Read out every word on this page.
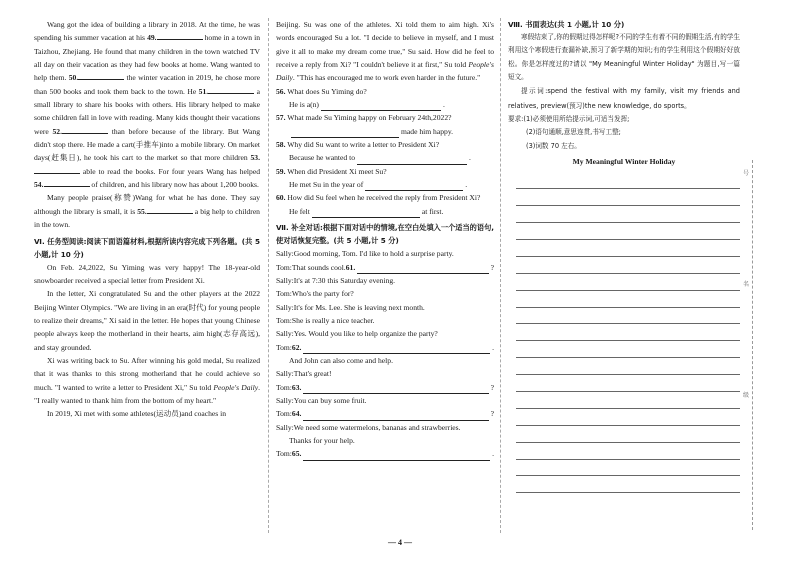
Wang got the idea of building a library in 2018. At the time, he was spending his summer vacation at his 49.	home in a town in Taizhou, Zhejiang. He found that many children in the town watched TV all day on their vacation as they had few books at home. Wang wanted to help them. 50.	the winter vacation in 2019, he chose more than 500 books and took them back to the town. He 51.	a small library to share his books with others. His library helped to make some children fall in love with reading. Many kids thought their vacations were 52.	than before because of the library. But Wang didn't stop there. He made a cart(手推车)into a mobile library. On market days(赶集日), he took his cart to the market so that more children 53. able to read the books. For four years Wang has helped 54.	of children, and his library now has about 1,200 books.

Many people praise(称赞)Wang for what he has done. They say although the library is small, it is 55.	a big help to children in the town.

Ⅵ. 任务型阅读:阅读下面语篇材料,根据所读内容完成下列各题。(共 5 小题,计 10 分)

On Feb. 24,2022, Su Yiming was very happy! The 18-year-old snowboarder received a special letter from President Xi.

In the letter, Xi congratulated Su and the other players at the 2022 Beijing Winter Olympics. "We are living in an era(时代) for young people to realize their dreams," Xi said in the letter. He hopes that young Chinese people always keep the motherland in their hearts, aim high(志存高远), and stay grounded.

Xi was writing back to Su. After winning his gold medal, Su realized that it was thanks to this strong motherland that he could achieve so much. "I wanted to write a letter to President Xi," Su told People's Daily. "I really wanted to thank him from the bottom of my heart."

In 2019, Xi met with some athletes(运动员)and coaches in

Beijing. Su was one of the athletes. Xi told them to aim high. Xi's words encouraged Su a lot. "I decide to believe in myself, and I must give it all to make my dream come true," Su said. How did he feel to receive a reply from Xi? "I couldn't believe it at first," Su told People's Daily. "This has encouraged me to work even harder in the future."

56. What does Su Yiming do?

He is a(n)	.

57. What made Su Yiming happy on February 24th,2022?

made him happy.

58. Why did Su want to write a letter to President Xi?

Because he wanted to	.

59. When did President Xi meet Su?

He met Su in the year of	.

60. How did Su feel when he received the reply from President Xi?

He felt	at first.

Ⅶ. 补全对话:根据下面对话中的情境,在空白处填入一个适当的语句,使对话恢复完整。(共 5 小题,计 5 分)

Sally:Good morning, Tom. I'd like to hold a surprise party.

Tom:That sounds cool. 61.	?

Sally:It's at 7:30 this Saturday evening.

Tom:Who's the party for?

Sally:It's for Ms. Lee. She is leaving next month.

Tom:She is really a nice teacher.

Sally:Yes. Would you like to help organize the party?

Tom: 62.	.

And John can also come and help.

Sally:That's great!

Tom: 63.	?

Sally:You can buy some fruit.

Tom: 64.	?

Sally:We need some watermelons, bananas and strawberries.

Thanks for your help.

Tom: 65.	.

Ⅷ. 书面表达(共 1 小题,计 10 分)

寒假结束了,你的假期过得怎样呢?不同的学生有着不同的假期生活,有的学生利用这个寒假进行查漏补缺,预习了新学期的知识;有的学生利用这个假期好好放松。你是怎样度过的?请以 "My Meaningful Winter Holiday" 为题目,写一篇短文。

提示词:spend the festival with my family, visit my friends and relatives, preview(预习)the new knowledge, do sports。

要求:(1)必须使用所给提示词,可适当发挥;

(2)语句通顺,意思连贯,书写工整;

(3)词数 70 左右。

My Meaningful Winter Holiday

号
名
级
— 4 —
